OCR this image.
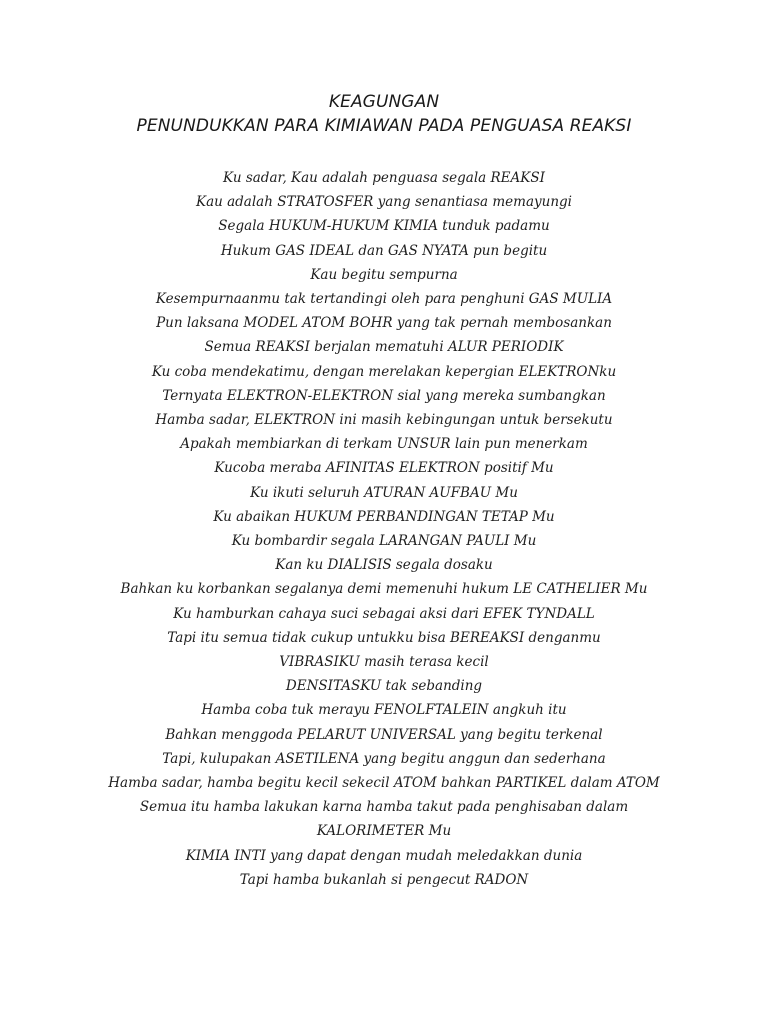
KEAGUNGAN
PENUNDUKKAN PARA KIMIAWAN PADA PENGUASA REAKSI
Ku sadar, Kau adalah penguasa segala REAKSI
Kau adalah STRATOSFER yang senantiasa memayungi
Segala HUKUM-HUKUM KIMIA tunduk padamu
Hukum GAS IDEAL dan GAS NYATA pun begitu
Kau begitu sempurna
Kesempurnaanmu tak tertandingi oleh para penghuni GAS MULIA
Pun laksana MODEL ATOM BOHR yang tak pernah membosankan
Semua REAKSI berjalan mematuhi ALUR PERIODIK
Ku coba mendekatimu, dengan merelakan kepergian ELEKTRONku
Ternyata ELEKTRON-ELEKTRON sial yang mereka sumbangkan
Hamba sadar, ELEKTRON ini masih kebingungan untuk bersekutu
Apakah membiarkan di terkam UNSUR lain pun menerkam
Kucoba meraba AFINITAS ELEKTRON positif Mu
Ku ikuti seluruh ATURAN AUFBAU Mu
Ku abaikan HUKUM PERBANDINGAN TETAP Mu
Ku bombardir segala LARANGAN PAULI Mu
Kan ku DIALISIS segala dosaku
Bahkan ku korbankan segalanya demi memenuhi hukum LE CATHELIER Mu
Ku hamburkan cahaya suci sebagai aksi dari EFEK TYNDALL
Tapi itu semua tidak cukup untukku bisa BEREAKSI denganmu
VIBRASIKU masih terasa kecil
DENSITASKU tak sebanding
Hamba coba tuk merayu FENOLFTALEIN angkuh itu
Bahkan menggoda PELARUT UNIVERSAL yang begitu terkenal
Tapi, kulupakan ASETILENA yang begitu anggun dan sederhana
Hamba sadar, hamba begitu kecil sekecil ATOM bahkan PARTIKEL dalam ATOM
Semua itu hamba lakukan karna hamba takut pada penghisaban dalam
KALORIMETER Mu
KIMIA INTI yang dapat dengan mudah meledakkan dunia
Tapi hamba bukanlah si pengecut RADON
